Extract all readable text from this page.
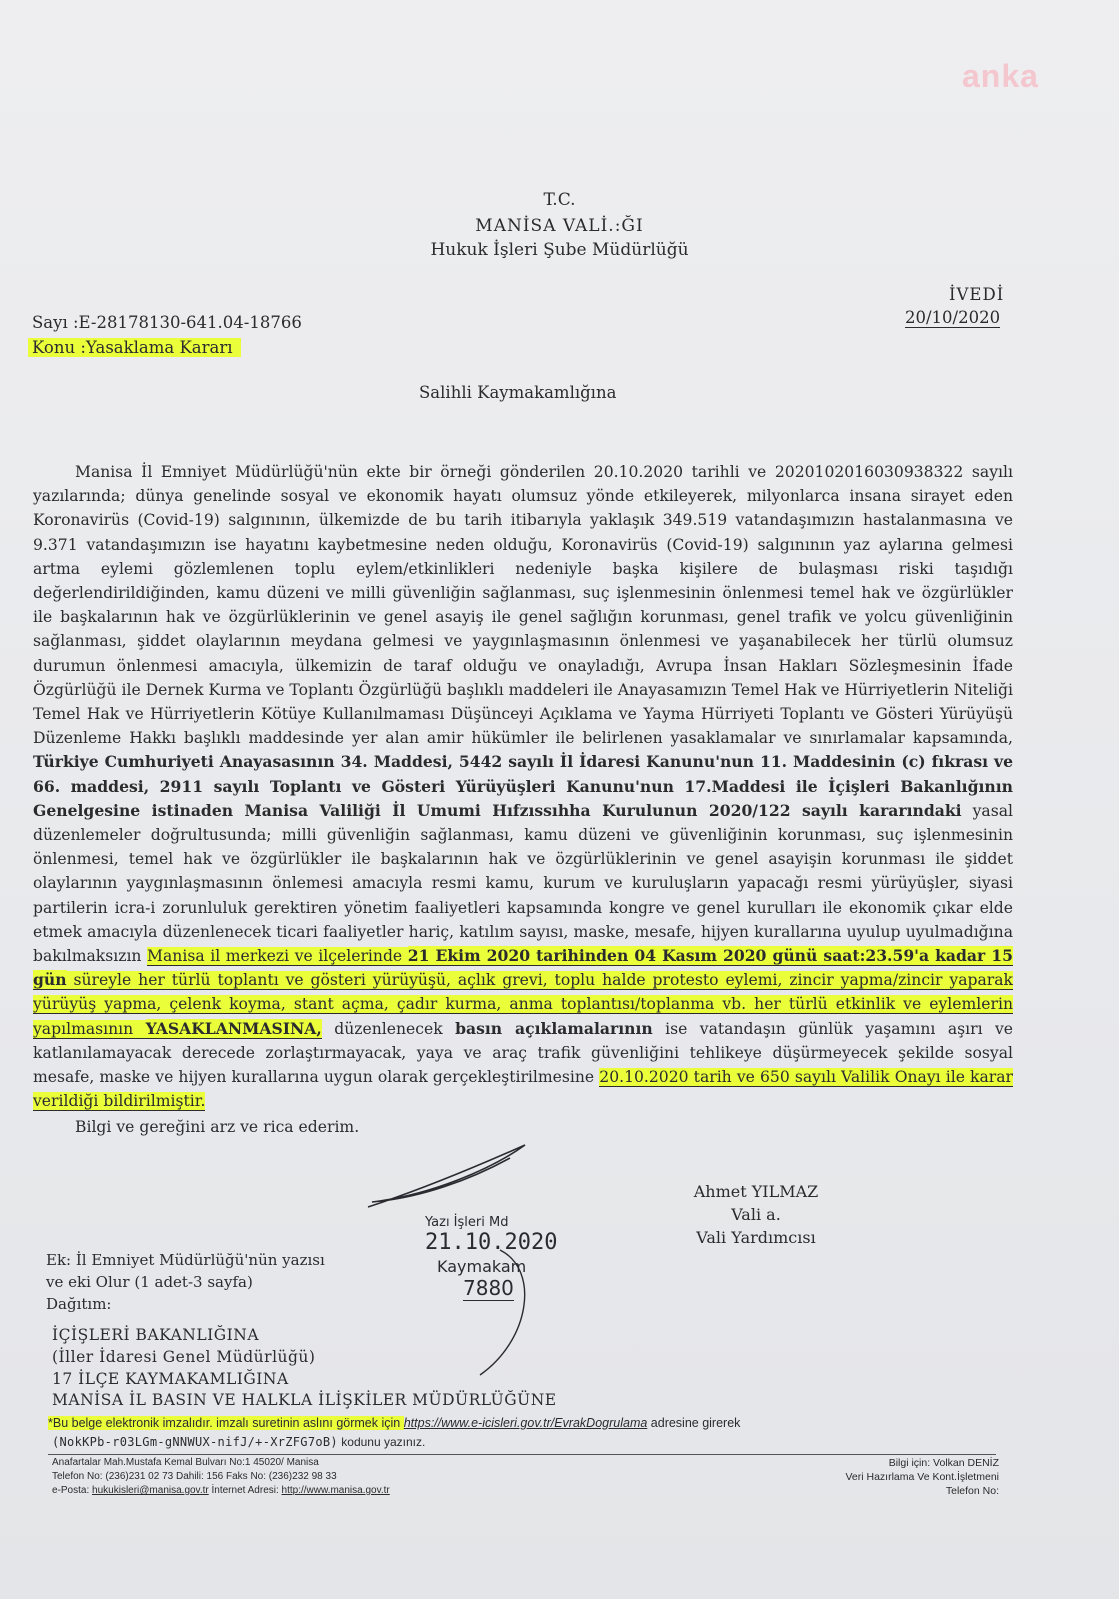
anka
T.C.
MANİSA VALİ.:ĞI
Hukuk İşleri Şube Müdürlüğü
İVEDİ
20/10/2020
Sayı :E-28178130-641.04-18766
Konu :Yasaklama Kararı
Salihli Kaymakamlığına

Manisa İl Emniyet Müdürlüğü'nün ekte bir örneği gönderilen 20.10.2020 tarihli ve 20201020160309383​22 sayılı yazılarında; dünya genelinde sosyal ve ekonomik hayatı olumsuz yönde etkileyerek, milyonlarca insana sirayet eden Koronavirüs (Covid-19) salgınının, ülkemizde de bu tarih itibarıyla yaklaşık 349.519 vatandaşımızın hastalanmasına ve 9.371 vatandaşımızın ise hayatını kaybetmesine neden olduğu, Koronavirüs (Covid-19) salgınının yaz aylarına gelmesi artma eylemi gözlemlenen toplu eylem/etkinlikleri nedeniyle başka kişilere de bulaşması riski taşıdığı değerlendirildiğinden, kamu düzeni ve milli güvenliğin sağlanması, suç işlenmesinin önlenmesi temel hak ve özgürlükler ile başkalarının hak ve özgürlüklerinin ve genel asayiş ile genel sağlığın korunması, genel trafik ve yolcu güvenliğinin sağlanması, şiddet olaylarının meydana gelmesi ve yaygınlaşmasının önlenmesi ve yaşanabilecek her türlü olumsuz durumun önlenmesi amacıyla, ülkemizin de taraf olduğu ve onayladığı, Avrupa İnsan Hakları Sözleşmesinin İfade Özgürlüğü ile Dernek Kurma ve Toplantı Özgürlüğü başlıklı maddeleri ile Anayasamızın Temel Hak ve Hürriyetlerin Niteliği Temel Hak ve Hürriyetlerin Kötüye Kullanılmaması Düşünceyi Açıklama ve Yayma Hürriyeti Toplantı ve Gösteri Yürüyüşü Düzenleme Hakkı başlıklı maddesinde yer alan amir hükümler ile belirlenen yasaklamalar ve sınırlamalar kapsamında, Türkiye Cumhuriyeti Anayasasının 34. Maddesi, 5442 sayılı İl İdaresi Kanunu'nun 11. Maddesinin (c) fıkrası ve 66. maddesi, 2911 sayılı Toplantı ve Gösteri Yürüyüşleri Kanunu'nun 17.Maddesi ile İçişleri Bakanlığının Genelgesine istinaden Manisa Valiliği İl Umumi Hıfzıssıhha Kurulunun 2020/122 sayılı kararındaki yasal düzenlemeler doğrultusunda; milli güvenliğin sağlanması, kamu düzeni ve güvenliğinin korunması, suç işlenmesinin önlenmesi, temel hak ve özgürlükler ile başkalarının hak ve özgürlüklerinin ve genel asayişin korunması ile şiddet olaylarının yaygınlaşmasının önlemesi amacıyla resmi kamu, kurum ve kuruluşların yapacağı resmi yürüyüşler, siyasi partilerin icra-i zorunluluk gerektiren yönetim faaliyetleri kapsamında kongre ve genel kurulları ile ekonomik çıkar elde etmek amacıyla düzenlenecek ticari faaliyetler hariç, katılım sayısı, maske, mesafe, hijyen kurallarına uyulup uyulmadığına bakılmaksızın Manisa il merkezi ve ilçelerinde 21 Ekim 2020 tarihinden 04 Kasım 2020 günü saat:23.59'a kadar 15 gün süreyle her türlü toplantı ve gösteri yürüyüşü, açlık grevi, toplu halde protesto eylemi, zincir yapma/zincir yaparak yürüyüş yapma, çelenk koyma, stant açma, çadır kurma, anma toplantısı/toplanma vb. her türlü etkinlik ve eylemlerin yapılmasının YASAKLANMASINA, düzenlenecek basın açıklamalarının ise vatandaşın günlük yaşamını aşırı ve katlanılamayacak derecede zorlaştırmayacak, yaya ve araç trafik güvenliğini tehlikeye düşürmeyecek şekilde sosyal mesafe, maske ve hijyen kurallarına uygun olarak gerçekleştirilmesine 20.10.2020 tarih ve 650 sayılı Valilik Onayı ile karar verildiği bildirilmiştir.

Bilgi ve gereğini arz ve rica ederim.

Yazı İşleri Md
21.10.2020
Kaymakam
7880
Ahmet YILMAZ
Vali a.
Vali Yardımcısı
Ek: İl Emniyet Müdürlüğü'nün yazısı
ve eki Olur (1 adet-3 sayfa)
Dağıtım:
İÇİŞLERİ BAKANLIĞINA
(İller İdaresi Genel Müdürlüğü)
17 İLÇE KAYMAKAMLIĞINA
MANİSA İL BASIN VE HALKLA İLİŞKİLER MÜDÜRLÜĞÜNE
*Bu belge elektronik imzalıdır. imzalı suretinin aslını görmek için https://www.e-icisleri.gov.tr/EvrakDogrulama adresine girerek
(NokKPb-r03LGm-gNNWUX-nifJ/+-XrZFG7oB) kodunu yazınız.
Anafartalar Mah.Mustafa Kemal Bulvarı No:1 45020/ Manisa
Telefon No: (236)231 02 73 Dahili: 156 Faks No: (236)232 98 33
e-Posta: hukukisleri@manisa.gov.tr İnternet Adresi: http://www.manisa.gov.tr
Bilgi için: Volkan DENİZ
Veri Hazırlama Ve Kont.İşletmeni
Telefon No:
